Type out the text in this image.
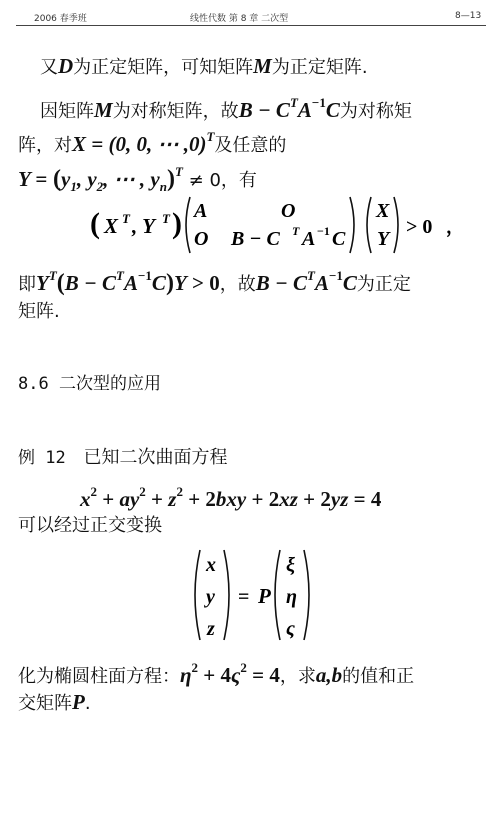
2006 春季班	线性代数 第 8 章 二次型	8—13
又D为正定矩阵，可知矩阵M为正定矩阵.
因矩阵M为对称矩阵，故$B - C^TA^{-1}C$为对称矩
阵，对X = (0, 0, ⋯ ,0)$^T$及任意的
$Y = (y_1$, $y_2$, ⋯ , $y_n)^T \ne 0$，有
( X T , Y T ) A	O
O B − C T A −1 C
X
Y
> 0 ，
即$Y^T(B - C^TA^{-1}C)Y > 0$，故$B - C^TA^{-1}C$为正定
矩阵.
8.6 二次型的应用
例 12 已知二次曲面方程
$x^2 + ay^2 + z^2 + 2bxy + 2xz + 2yz = 4$
可以经过正交变换
x
y
z
= P
ξ
η
ς
化为椭圆柱面方程：$\eta^2 + 4\varsigma^2 = 4$，求a,b的值和正
交矩阵P.
